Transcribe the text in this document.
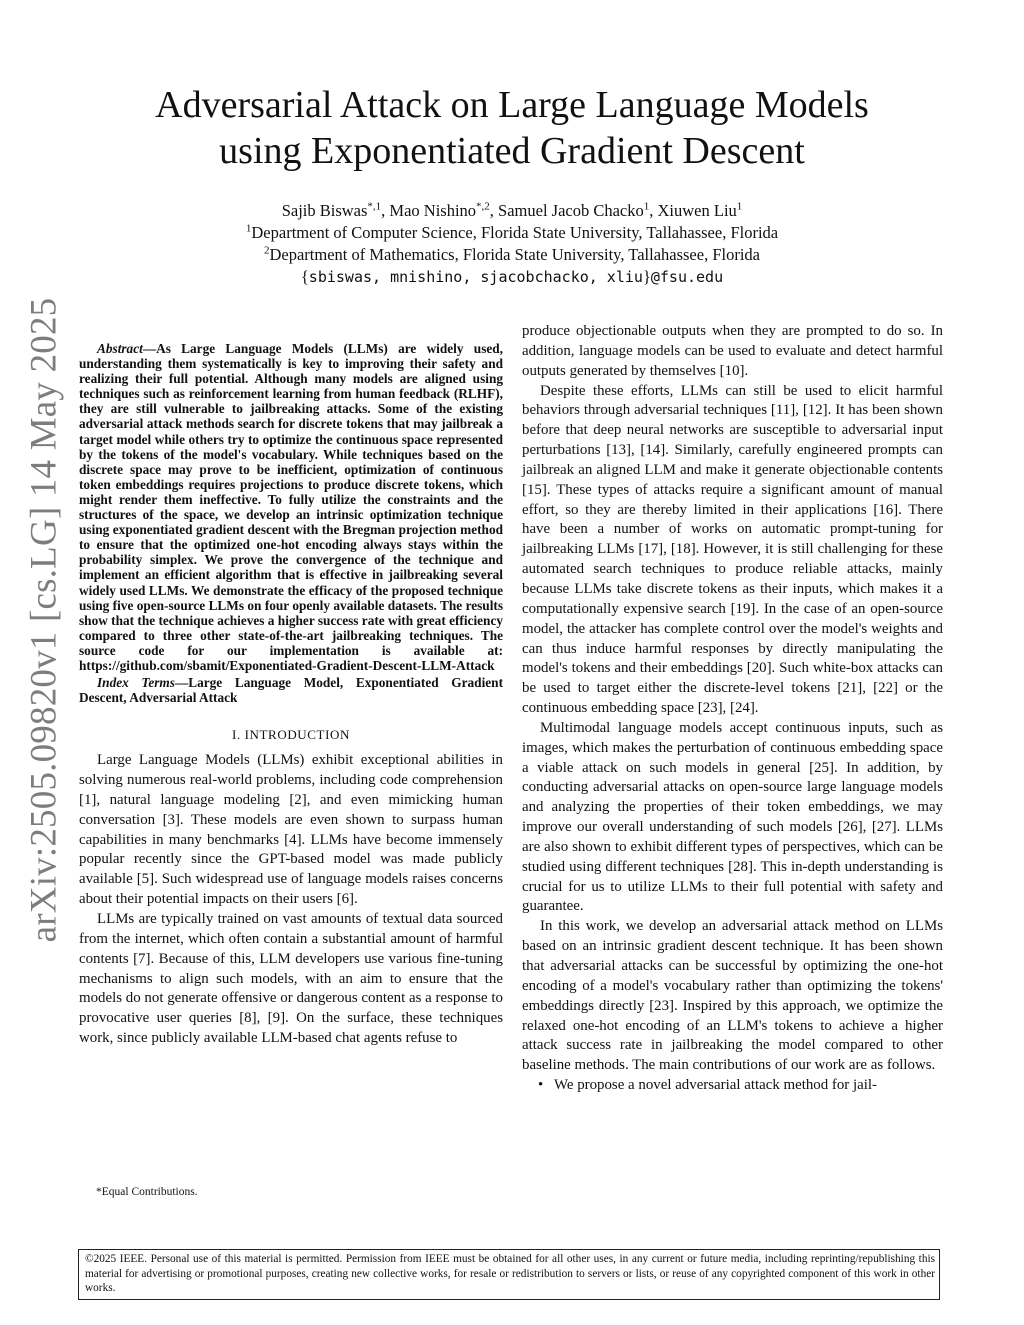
arXiv:2505.09820v1 [cs.LG] 14 May 2025
Adversarial Attack on Large Language Models
using Exponentiated Gradient Descent
Sajib Biswas$^{*,1}$, Mao Nishino$^{*,2}$, Samuel Jacob Chacko$^1$, Xiuwen Liu$^1$
$^1$Department of Computer Science, Florida State University, Tallahassee, Florida
$^2$Department of Mathematics, Florida State University, Tallahassee, Florida
{sbiswas, mnishino, sjacobchacko, xliu}@fsu.edu

Abstract—As Large Language Models (LLMs) are widely used, understanding them systematically is key to improving their safety and realizing their full potential. Although many models are aligned using techniques such as reinforcement learning from human feedback (RLHF), they are still vulnerable to jailbreaking attacks. Some of the existing adversarial attack methods search for discrete tokens that may jailbreak a target model while others try to optimize the continuous space represented by the tokens of the model's vocabulary. While techniques based on the discrete space may prove to be inefficient, optimization of continuous token embeddings requires projections to produce discrete tokens, which might render them ineffective. To fully utilize the constraints and the structures of the space, we develop an intrinsic optimization technique using exponentiated gradient descent with the Bregman projection method to ensure that the optimized one-hot encoding always stays within the probability simplex. We prove the convergence of the technique and implement an efficient algorithm that is effective in jailbreaking several widely used LLMs. We demonstrate the efficacy of the proposed technique using five open-source LLMs on four openly available datasets. The results show that the technique achieves a higher success rate with great efficiency compared to three other state-of-the-art jailbreaking techniques. The source code for our implementation is available at: https://github.com/sbamit/Exponentiated-Gradient-Descent-LLM-Attack

Index Terms—Large Language Model, Exponentiated Gradient Descent, Adversarial Attack

I. INTRODUCTION

Large Language Models (LLMs) exhibit exceptional abilities in solving numerous real-world problems, including code comprehension [1], natural language modeling [2], and even mimicking human conversation [3]. These models are even shown to surpass human capabilities in many benchmarks [4]. LLMs have become immensely popular recently since the GPT-based model was made publicly available [5]. Such widespread use of language models raises concerns about their potential impacts on their users [6].

LLMs are typically trained on vast amounts of textual data sourced from the internet, which often contain a substantial amount of harmful contents [7]. Because of this, LLM developers use various fine-tuning mechanisms to align such models, with an aim to ensure that the models do not generate offensive or dangerous content as a response to provocative user queries [8], [9]. On the surface, these techniques work, since publicly available LLM-based chat agents refuse to

produce objectionable outputs when they are prompted to do so. In addition, language models can be used to evaluate and detect harmful outputs generated by themselves [10].

Despite these efforts, LLMs can still be used to elicit harmful behaviors through adversarial techniques [11], [12]. It has been shown before that deep neural networks are susceptible to adversarial input perturbations [13], [14]. Similarly, carefully engineered prompts can jailbreak an aligned LLM and make it generate objectionable contents [15]. These types of attacks require a significant amount of manual effort, so they are thereby limited in their applications [16]. There have been a number of works on automatic prompt-tuning for jailbreaking LLMs [17], [18]. However, it is still challenging for these automated search techniques to produce reliable attacks, mainly because LLMs take discrete tokens as their inputs, which makes it a computationally expensive search [19]. In the case of an open-source model, the attacker has complete control over the model's weights and can thus induce harmful responses by directly manipulating the model's tokens and their embeddings [20]. Such white-box attacks can be used to target either the discrete-level tokens [21], [22] or the continuous embedding space [23], [24].

Multimodal language models accept continuous inputs, such as images, which makes the perturbation of continuous embedding space a viable attack on such models in general [25]. In addition, by conducting adversarial attacks on open-source large language models and analyzing the properties of their token embeddings, we may improve our overall understanding of such models [26], [27]. LLMs are also shown to exhibit different types of perspectives, which can be studied using different techniques [28]. This in-depth understanding is crucial for us to utilize LLMs to their full potential with safety and guarantee.

In this work, we develop an adversarial attack method on LLMs based on an intrinsic gradient descent technique. It has been shown that adversarial attacks can be successful by optimizing the one-hot encoding of a model's vocabulary rather than optimizing the tokens' embeddings directly [23]. Inspired by this approach, we optimize the relaxed one-hot encoding of an LLM's tokens to achieve a higher attack success rate in jailbreaking the model compared to other baseline methods. The main contributions of our work are as follows.

• We propose a novel adversarial attack method for jail-
*Equal Contributions.
©2025 IEEE. Personal use of this material is permitted. Permission from IEEE must be obtained for all other uses, in any current or future media, including reprinting/republishing this material for advertising or promotional purposes, creating new collective works, for resale or redistribution to servers or lists, or reuse of any copyrighted component of this work in other works.
